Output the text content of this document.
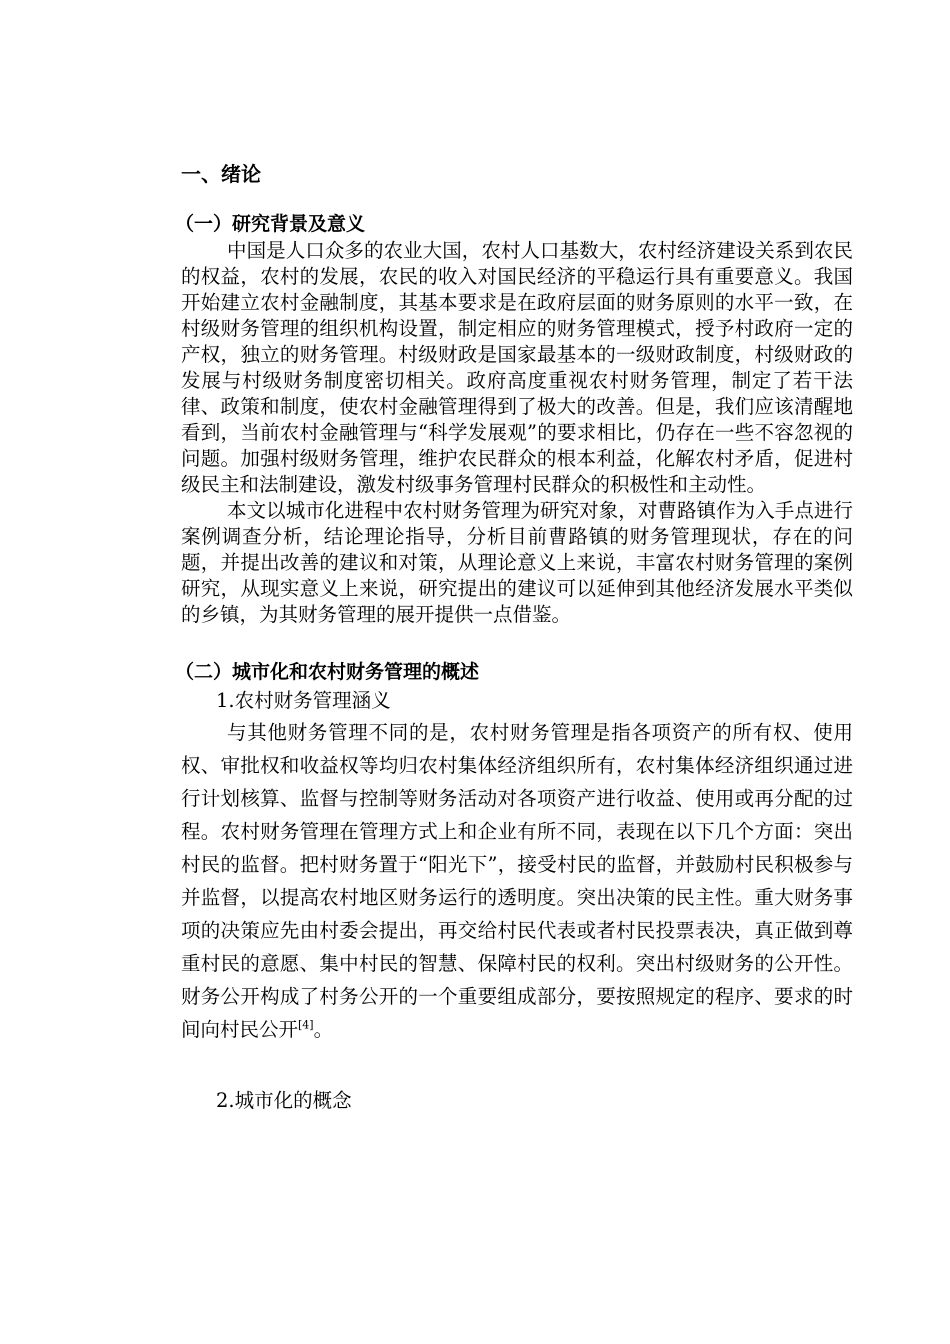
一、绪论
（一）研究背景及意义

中国是人口众多的农业大国，农村人口基数大，农村经济建设关系到农民的权益，农村的发展，农民的收入对国民经济的平稳运行具有重要意义。我国开始建立农村金融制度，其基本要求是在政府层面的财务原则的水平一致，在村级财务管理的组织机构设置，制定相应的财务管理模式，授予村政府一定的产权，独立的财务管理。村级财政是国家最基本的一级财政制度，村级财政的发展与村级财务制度密切相关。政府高度重视农村财务管理，制定了若干法律、政策和制度，使农村金融管理得到了极大的改善。但是，我们应该清醒地看到，当前农村金融管理与“科学发展观”的要求相比，仍存在一些不容忽视的问题。加强村级财务管理，维护农民群众的根本利益，化解农村矛盾，促进村级民主和法制建设，激发村级事务管理村民群众的积极性和主动性。

本文以城市化进程中农村财务管理为研究对象，对曹路镇作为入手点进行案例调查分析，结论理论指导，分析目前曹路镇的财务管理现状，存在的问题，并提出改善的建议和对策，从理论意义上来说，丰富农村财务管理的案例研究，从现实意义上来说，研究提出的建议可以延伸到其他经济发展水平类似的乡镇，为其财务管理的展开提供一点借鉴。

（二）城市化和农村财务管理的概述

1.农村财务管理涵义

与其他财务管理不同的是，农村财务管理是指各项资产的所有权、使用权、审批权和收益权等均归农村集体经济组织所有，农村集体经济组织通过进行计划核算、监督与控制等财务活动对各项资产进行收益、使用或再分配的过程。农村财务管理在管理方式上和企业有所不同，表现在以下几个方面：突出村民的监督。把村财务置于“阳光下”，接受村民的监督，并鼓励村民积极参与并监督，以提高农村地区财务运行的透明度。突出决策的民主性。重大财务事项的决策应先由村委会提出，再交给村民代表或者村民投票表决，真正做到尊重村民的意愿、集中村民的智慧、保障村民的权利。突出村级财务的公开性。财务公开构成了村务公开的一个重要组成部分，要按照规定的程序、要求的时间向村民公开[4]。

2.城市化的概念
